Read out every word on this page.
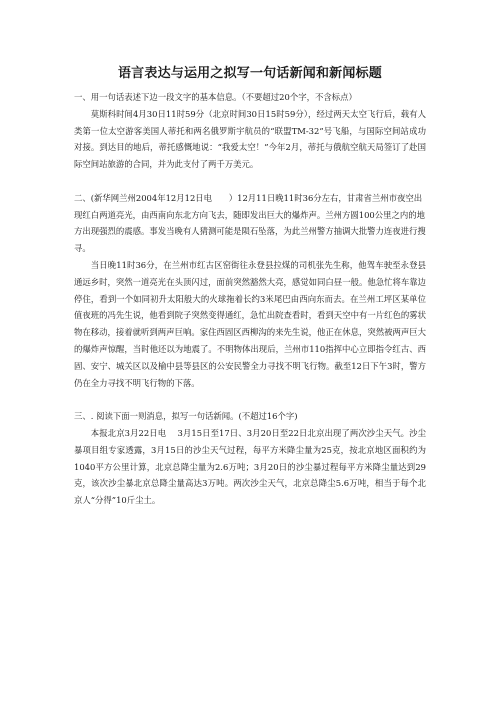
语言表达与运用之拟写一句话新闻和新闻标题

一、用一句话表述下边一段文字的基本信息。（不要超过20个字，不含标点）

莫斯科时间4月30日11时59分（北京时间30日15时59分），经过两天太空飞行后，载有人类第一位太空游客美国人蒂托和两名俄罗斯宇航员的“联盟TM-32”号飞船，与国际空间站成功对接。到达目的地后，蒂托感慨地说：“我爱太空！”今年2月，蒂托与俄航空航天局签订了赴国际空间站旅游的合同，并为此支付了两千万美元。

二、(新华网兰州2004年12月12日电　　）12月11日晚11时36分左右，甘肃省兰州市夜空出现红白两道亮光，由西南向东北方向飞去，随即发出巨大的爆炸声。兰州方圆100公里之内的地方出现强烈的震感。事发当晚有人猜测可能是陨石坠落，为此兰州警方抽调大批警力连夜进行搜寻。

当日晚11时36分，在兰州市红古区窑街往永登县拉煤的司机张先生称，他驾车驶至永登县通远乡时，突然一道亮光在头顶闪过，面前突然豁然大亮，感觉如同白昼一般。他急忙将车靠边停住，看到一个如同初升太阳般大的火球拖着长约3米尾巴由西向东而去。在兰州工坪区某单位值夜班的冯先生说，他看到院子突然变得通红，急忙出院查看时，看到天空中有一片红色的雾状物在移动，接着就听到两声巨响。家住西固区西柳沟的来先生说，他正在休息，突然被两声巨大的爆炸声惊醒，当时他还以为地震了。不明物体出现后，兰州市110指挥中心立即指令红古、西固、安宁、城关区以及榆中县等县区的公安民警全力寻找不明飞行物。截至12日下午3时，警方仍在全力寻找不明飞行物的下落。

三、. 阅读下面一则消息，拟写一句话新闻。(不超过16个字)

本报北京3月22日电　 3月15日至17日、3月20日至22日北京出现了两次沙尘天气。沙尘暴项目组专家透露，3月15日的沙尘天气过程，每平方米降尘量为25克，按北京地区面积约为1040平方公里计算，北京总降尘量为2.6万吨；3月20日的沙尘暴过程每平方米降尘量达到29克，该次沙尘暴北京总降尘量高达3万吨。两次沙尘天气，北京总降尘5.6万吨，相当于每个北京人“分得”10斤尘土。
